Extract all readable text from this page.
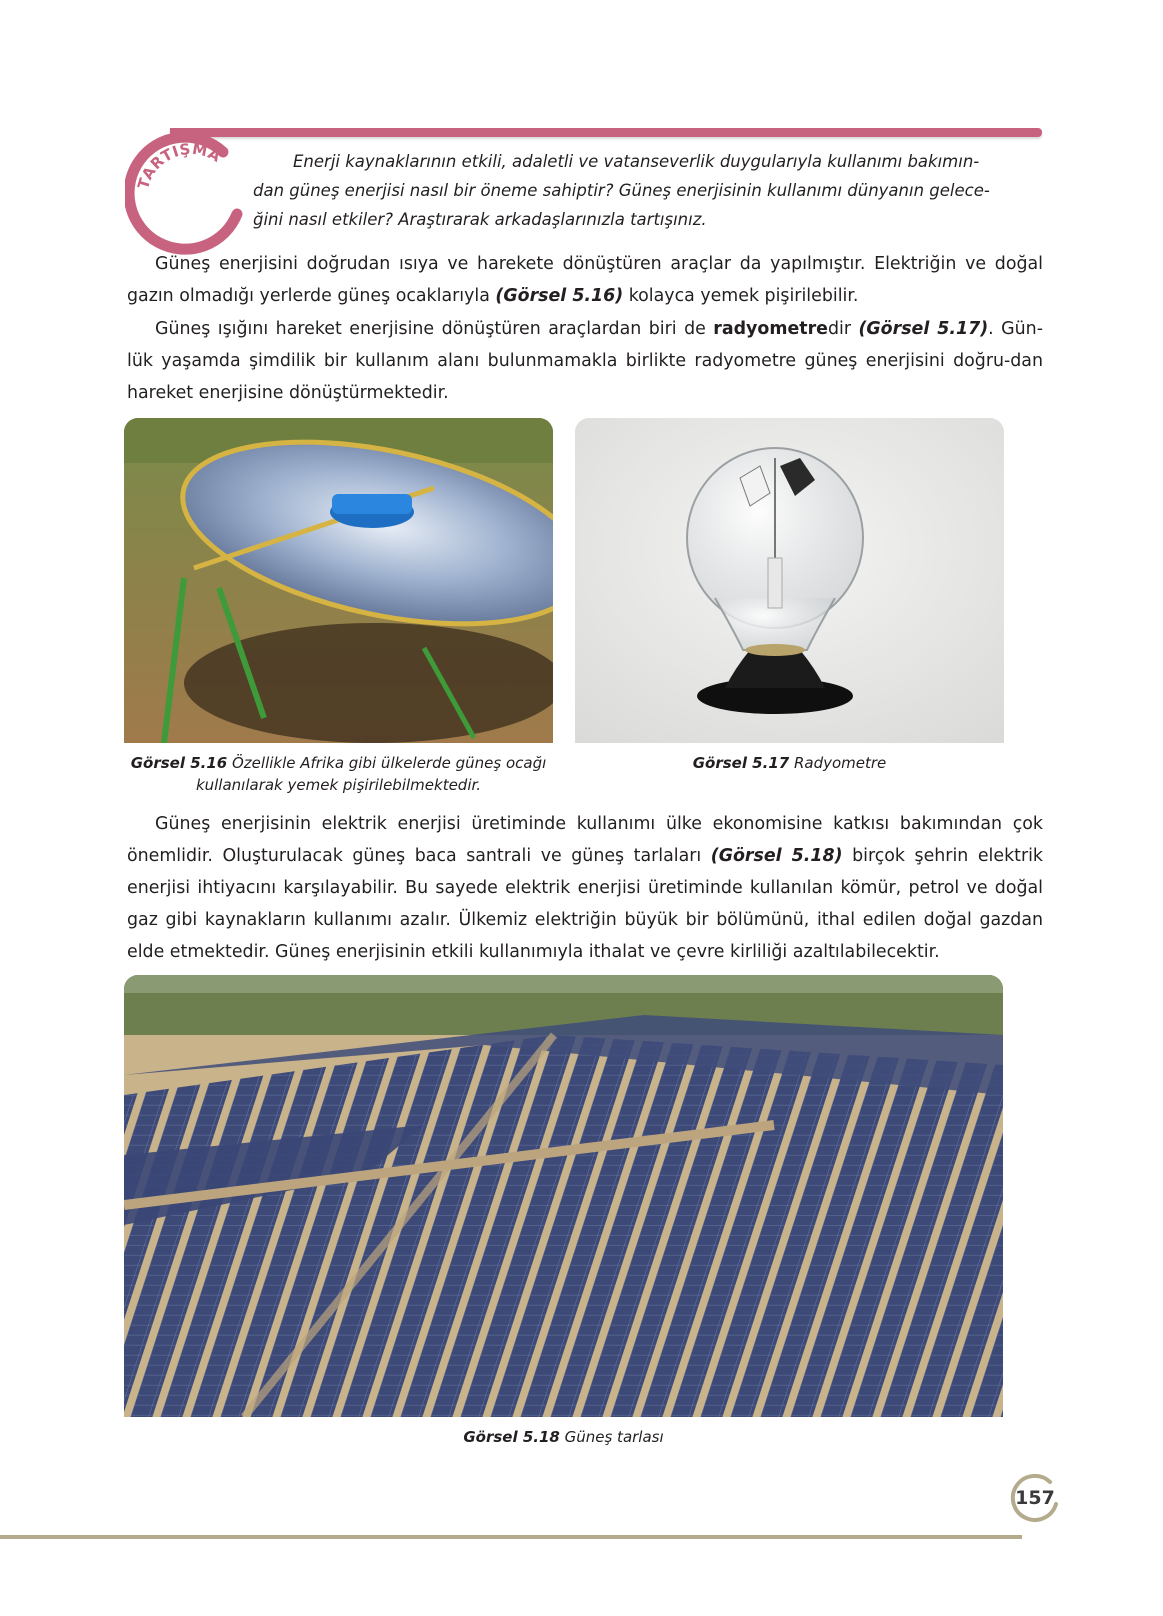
TARTIŞMA	Enerji kaynaklarının etkili, adaletli ve vatanseverlik duygularıyla kullanımı bakımın-
dan güneş enerjisi nasıl bir öneme sahiptir? Güneş enerjisinin kullanımı dünyanın gelece-
ğini nasıl etkiler? Araştırarak arkadaşlarınızla tartışınız.

Güneş enerjisini doğrudan ısıya ve harekete dönüştüren araçlar da yapılmıştır. Elektriğin ve doğal gazın olmadığı yerlerde güneş ocaklarıyla (Görsel 5.16) kolayca yemek pişirilebilir.

Güneş ışığını hareket enerjisine dönüştüren araçlardan biri de radyometredir (Görsel 5.17). Gün-lük yaşamda şimdilik bir kullanım alanı bulunmamakla birlikte radyometre güneş enerjisini doğru-dan hareket enerjisine dönüştürmektedir.

Görsel 5.16 Özellikle Afrika gibi ülkelerde güneş ocağı
kullanılarak yemek pişirilebilmektedir.
Görsel 5.17 Radyometre

Güneş enerjisinin elektrik enerjisi üretiminde kullanımı ülke ekonomisine katkısı bakımından çok önemlidir. Oluşturulacak güneş baca santrali ve güneş tarlaları (Görsel 5.18) birçok şehrin elektrik enerjisi ihtiyacını karşılayabilir. Bu sayede elektrik enerjisi üretiminde kullanılan kömür, petrol ve doğal gaz gibi kaynakların kullanımı azalır. Ülkemiz elektriğin büyük bir bölümünü, ithal edilen doğal gazdan elde etmektedir. Güneş enerjisinin etkili kullanımıyla ithalat ve çevre kirliliği azaltılabilecektir.

Görsel 5.18 Güneş tarlası
157
